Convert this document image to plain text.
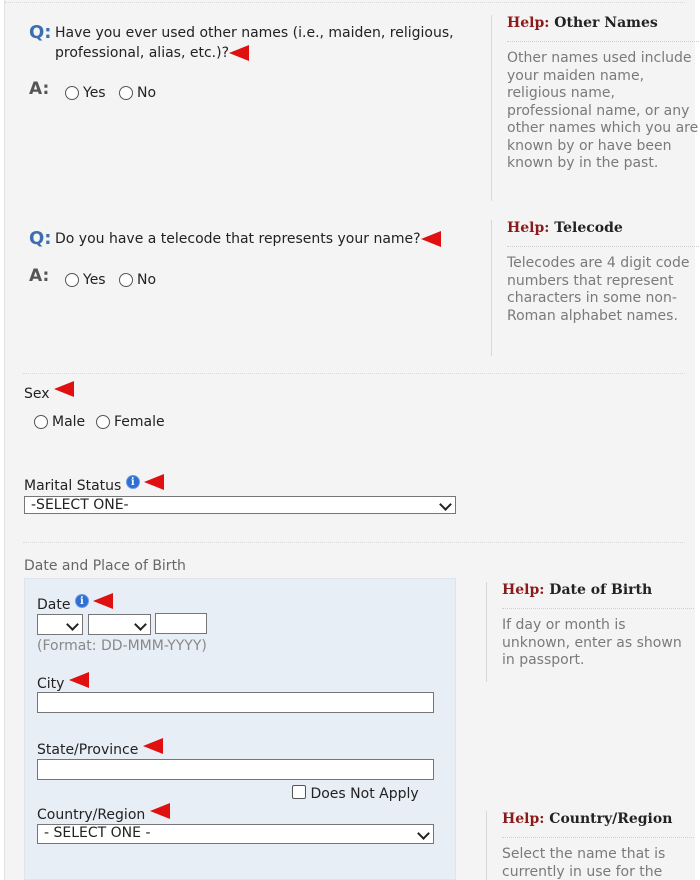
Q: Have you ever used other names (i.e., maiden, religious,
professional, alias, etc.)?
A:	Yes	No
Help: Other Names
Other names used include your maiden name, religious name, professional name, or any other names which you are known by or have been known by in the past.
Q: Do you have a telecode that represents your name?
A:	Yes	No
Help: Telecode
Telecodes are 4 digit code numbers that represent characters in some non-Roman alphabet names.
Sex
Male	Female
Marital Status i
-SELECT ONE-
Date and Place of Birth
Date i
(Format: DD-MMM-YYYY)
City
State/Province
Does Not Apply
Country/Region
- SELECT ONE -
Help: Date of Birth
If day or month is unknown, enter as shown in passport.
Help: Country/Region
Select the name that is currently in use for the
